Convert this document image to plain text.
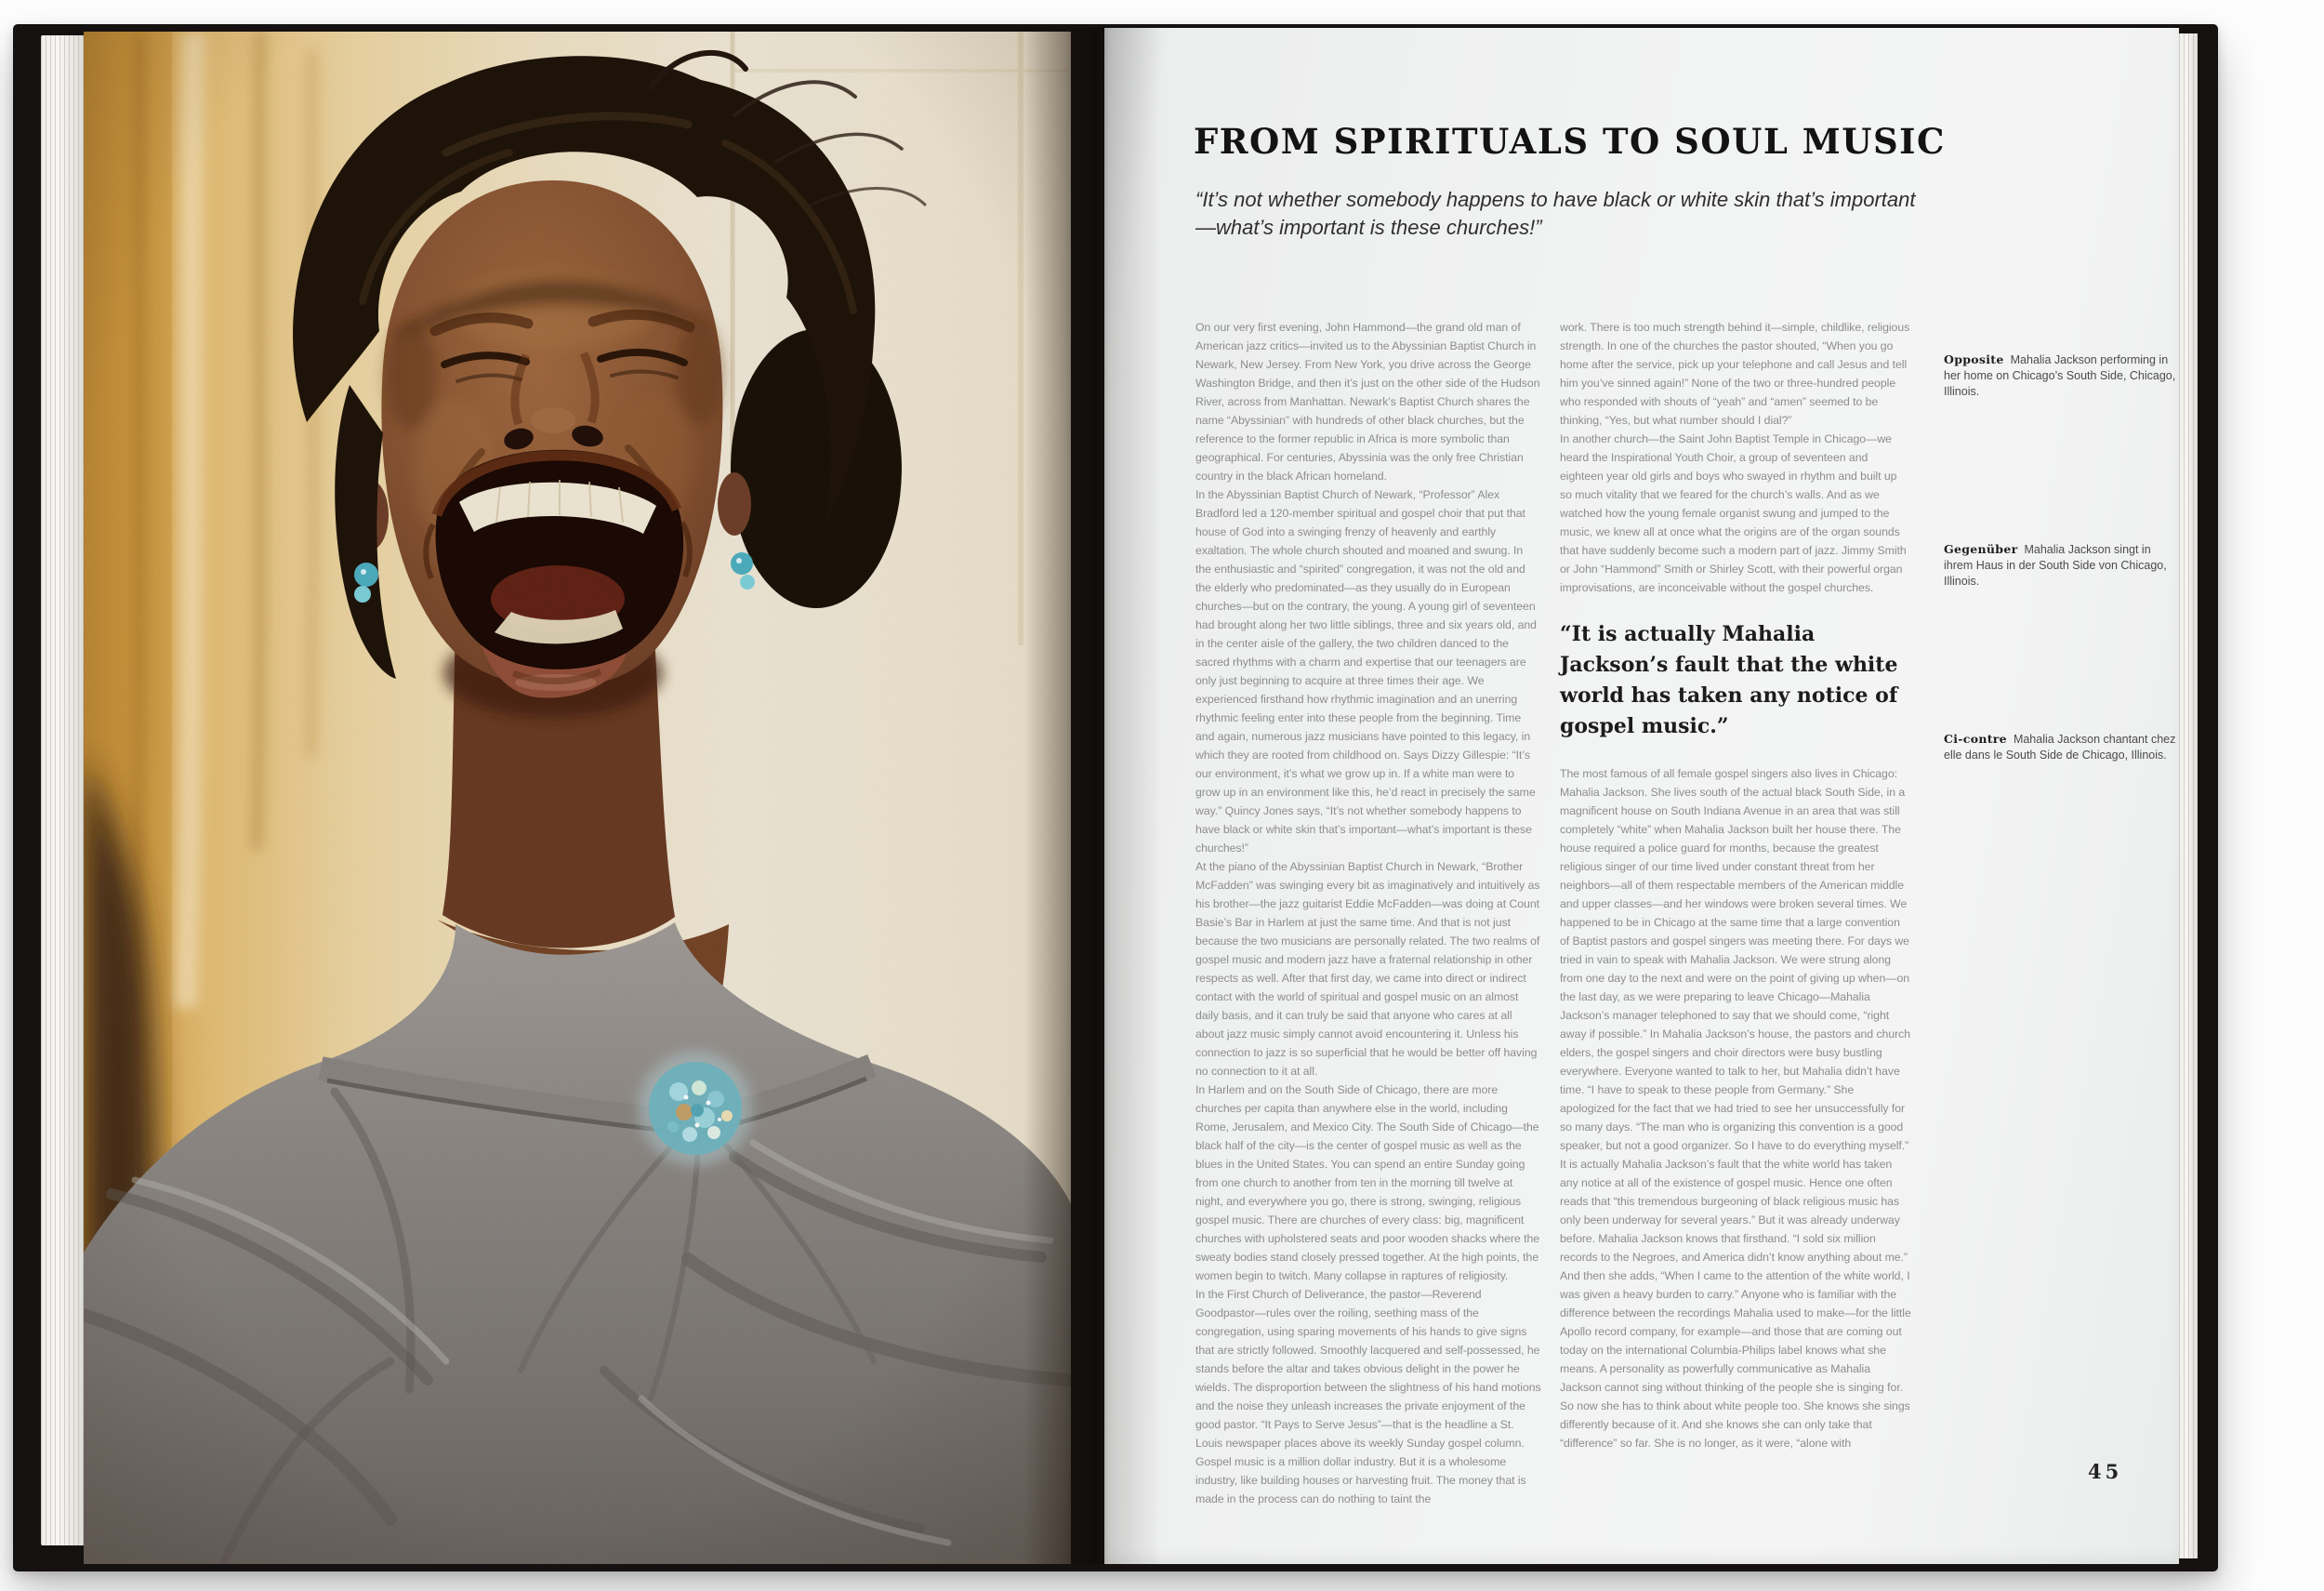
FROM SPIRITUALS TO SOUL MUSIC
“It’s not whether somebody happens to have black or white skin that’s important—what’s important is these churches!”

On our very first evening, John Hammond—the grand old man of American jazz critics—invited us to the Abyssinian Baptist Church in Newark, New Jersey. From New York, you drive across the George Washington Bridge, and then it’s just on the other side of the Hudson River, across from Manhattan. Newark’s Baptist Church shares the name “Abyssinian” with hundreds of other black churches, but the reference to the former republic in Africa is more symbolic than geographical. For centuries, Abyssinia was the only free Christian country in the black African homeland.

In the Abyssinian Baptist Church of Newark, “Professor” Alex Bradford led a 120-member spiritual and gospel choir that put that house of God into a swinging frenzy of heavenly and earthly exaltation. The whole church shouted and moaned and swung. In the enthusiastic and “spirited” congregation, it was not the old and the elderly who predominated—as they usually do in European churches—but on the contrary, the young. A young girl of seventeen had brought along her two little siblings, three and six years old, and in the center aisle of the gallery, the two children danced to the sacred rhythms with a charm and expertise that our teenagers are only just beginning to acquire at three times their age. We experienced firsthand how rhythmic imagination and an unerring rhythmic feeling enter into these people from the beginning. Time and again, numerous jazz musicians have pointed to this legacy, in which they are rooted from childhood on. Says Dizzy Gillespie: “It’s our environment, it’s what we grow up in. If a white man were to grow up in an environment like this, he’d react in precisely the same way.” Quincy Jones says, “It’s not whether somebody happens to have black or white skin that’s important—what’s important is these churches!”

At the piano of the Abyssinian Baptist Church in Newark, “Brother McFadden” was swinging every bit as imaginatively and intuitively as his brother—the jazz guitarist Eddie McFadden—was doing at Count Basie’s Bar in Harlem at just the same time. And that is not just because the two musicians are personally related. The two realms of gospel music and modern jazz have a fraternal relationship in other respects as well. After that first day, we came into direct or indirect contact with the world of spiritual and gospel music on an almost daily basis, and it can truly be said that anyone who cares at all about jazz music simply cannot avoid encountering it. Unless his connection to jazz is so superficial that he would be better off having no connection to it at all.

In Harlem and on the South Side of Chicago, there are more churches per capita than anywhere else in the world, including Rome, Jerusalem, and Mexico City. The South Side of Chicago—the black half of the city—is the center of gospel music as well as the blues in the United States. You can spend an entire Sunday going from one church to another from ten in the morning till twelve at night, and everywhere you go, there is strong, swinging, religious gospel music. There are churches of every class: big, magnificent churches with upholstered seats and poor wooden shacks where the sweaty bodies stand closely pressed together. At the high points, the women begin to twitch. Many collapse in raptures of religiosity.

In the First Church of Deliverance, the pastor—Reverend Goodpastor—rules over the roiling, seething mass of the congregation, using sparing movements of his hands to give signs that are strictly followed. Smoothly lacquered and self-possessed, he stands before the altar and takes obvious delight in the power he wields. The disproportion between the slightness of his hand motions and the noise they unleash increases the private enjoyment of the good pastor. “It Pays to Serve Jesus”—that is the headline a St. Louis newspaper places above its weekly Sunday gospel column. Gospel music is a million dollar industry. But it is a wholesome industry, like building houses or harvesting fruit. The money that is made in the process can do nothing to taint the

work. There is too much strength behind it—simple, childlike, religious strength. In one of the churches the pastor shouted, “When you go home after the service, pick up your telephone and call Jesus and tell him you’ve sinned again!” None of the two or three-hundred people who responded with shouts of “yeah” and “amen” seemed to be thinking, “Yes, but what number should I dial?”

In another church—the Saint John Baptist Temple in Chicago—we heard the Inspirational Youth Choir, a group of seventeen and eighteen year old girls and boys who swayed in rhythm and built up so much vitality that we feared for the church’s walls. And as we watched how the young female organist swung and jumped to the music, we knew all at once what the origins are of the organ sounds that have suddenly become such a modern part of jazz. Jimmy Smith or John “Hammond” Smith or Shirley Scott, with their powerful organ improvisations, are inconceivable without the gospel churches.

“It is actually Mahalia Jackson’s fault that the white world has taken any notice of gospel music.”

The most famous of all female gospel singers also lives in Chicago: Mahalia Jackson. She lives south of the actual black South Side, in a magnificent house on South Indiana Avenue in an area that was still completely “white” when Mahalia Jackson built her house there. The house required a police guard for months, because the greatest religious singer of our time lived under constant threat from her neighbors—all of them respectable members of the American middle and upper classes—and her windows were broken several times. We happened to be in Chicago at the same time that a large convention of Baptist pastors and gospel singers was meeting there. For days we tried in vain to speak with Mahalia Jackson. We were strung along from one day to the next and were on the point of giving up when—on the last day, as we were preparing to leave Chicago—Mahalia Jackson’s manager telephoned to say that we should come, “right away if possible.” In Mahalia Jackson’s house, the pastors and church elders, the gospel singers and choir directors were busy bustling everywhere. Everyone wanted to talk to her, but Mahalia didn’t have time. “I have to speak to these people from Germany.” She apologized for the fact that we had tried to see her unsuccessfully for so many days. “The man who is organizing this convention is a good speaker, but not a good organizer. So I have to do everything myself.”

It is actually Mahalia Jackson’s fault that the white world has taken any notice at all of the existence of gospel music. Hence one often reads that “this tremendous burgeoning of black religious music has only been underway for several years.” But it was already underway before. Mahalia Jackson knows that firsthand. “I sold six million records to the Negroes, and America didn’t know anything about me.” And then she adds, “When I came to the attention of the white world, I was given a heavy burden to carry.” Anyone who is familiar with the difference between the recordings Mahalia used to make—for the little Apollo record company, for example—and those that are coming out today on the international Columbia-Philips label knows what she means. A personality as powerfully communicative as Mahalia Jackson cannot sing without thinking of the people she is singing for. So now she has to think about white people too. She knows she sings differently because of it. And she knows she can only take that “difference” so far. She is no longer, as it were, “alone with

Opposite Mahalia Jackson performing in her home on Chicago’s South Side, Chicago, Illinois.
Gegenüber Mahalia Jackson singt in ihrem Haus in der South Side von Chicago, Illinois.
Ci-contre Mahalia Jackson chantant chez elle dans le South Side de Chicago, Illinois.
45
